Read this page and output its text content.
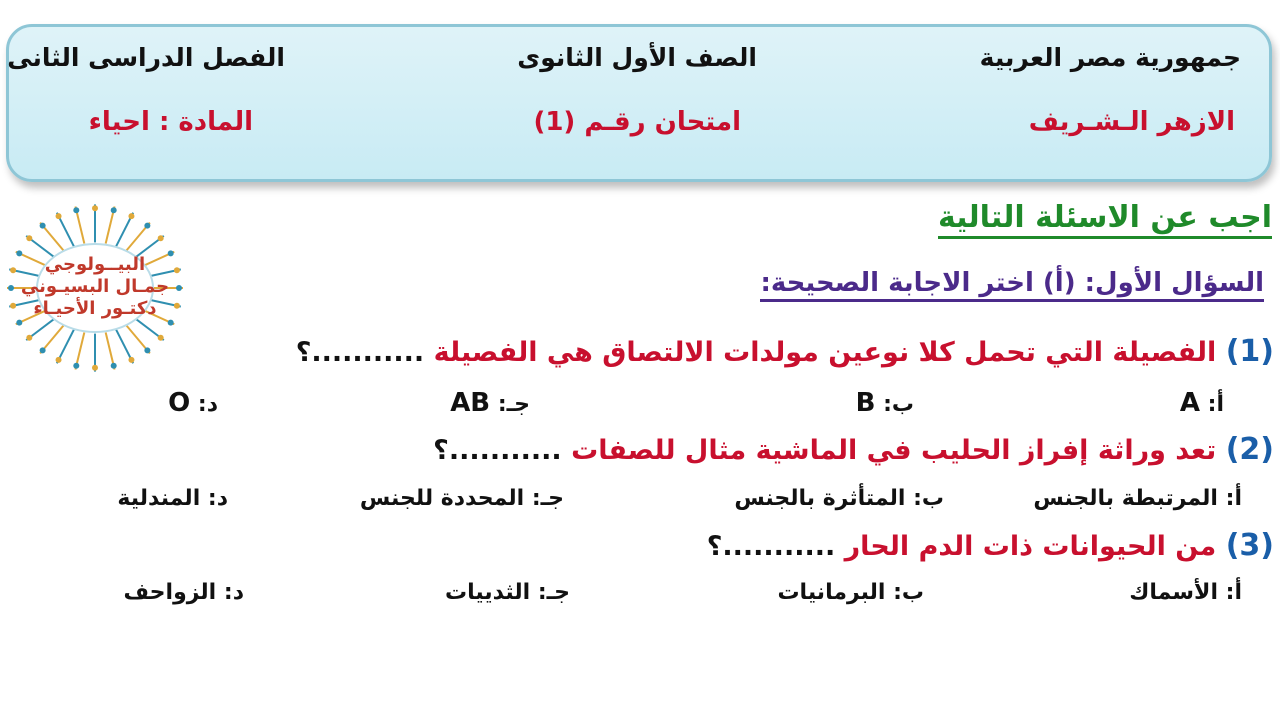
جمهورية مصر العربية
الصف الأول الثانوى
الفصل الدراسى الثانى
الازهر الـشـريف
امتحان رقـم (1)
المادة : احياء
البيــولوجي
جمـال البسيـوني
دكتـور الأحيـاء
اجب عن الاسئلة التالية
السؤال الأول: (أ) اختر الاجابة الصحيحة:
(1) الفصيلة التي تحمل كلا نوعين مولدات الالتصاق هي الفصيلة ...........؟
أ: A
ب: B
جـ: AB
د: O
(2) تعد وراثة إفراز الحليب في الماشية مثال للصفات ...........؟
أ: المرتبطة بالجنس
ب: المتأثرة بالجنس
جـ: المحددة للجنس
د: المندلية
(3) من الحيوانات ذات الدم الحار ...........؟
أ: الأسماك
ب: البرمانيات
جـ: الثدييات
د: الزواحف
